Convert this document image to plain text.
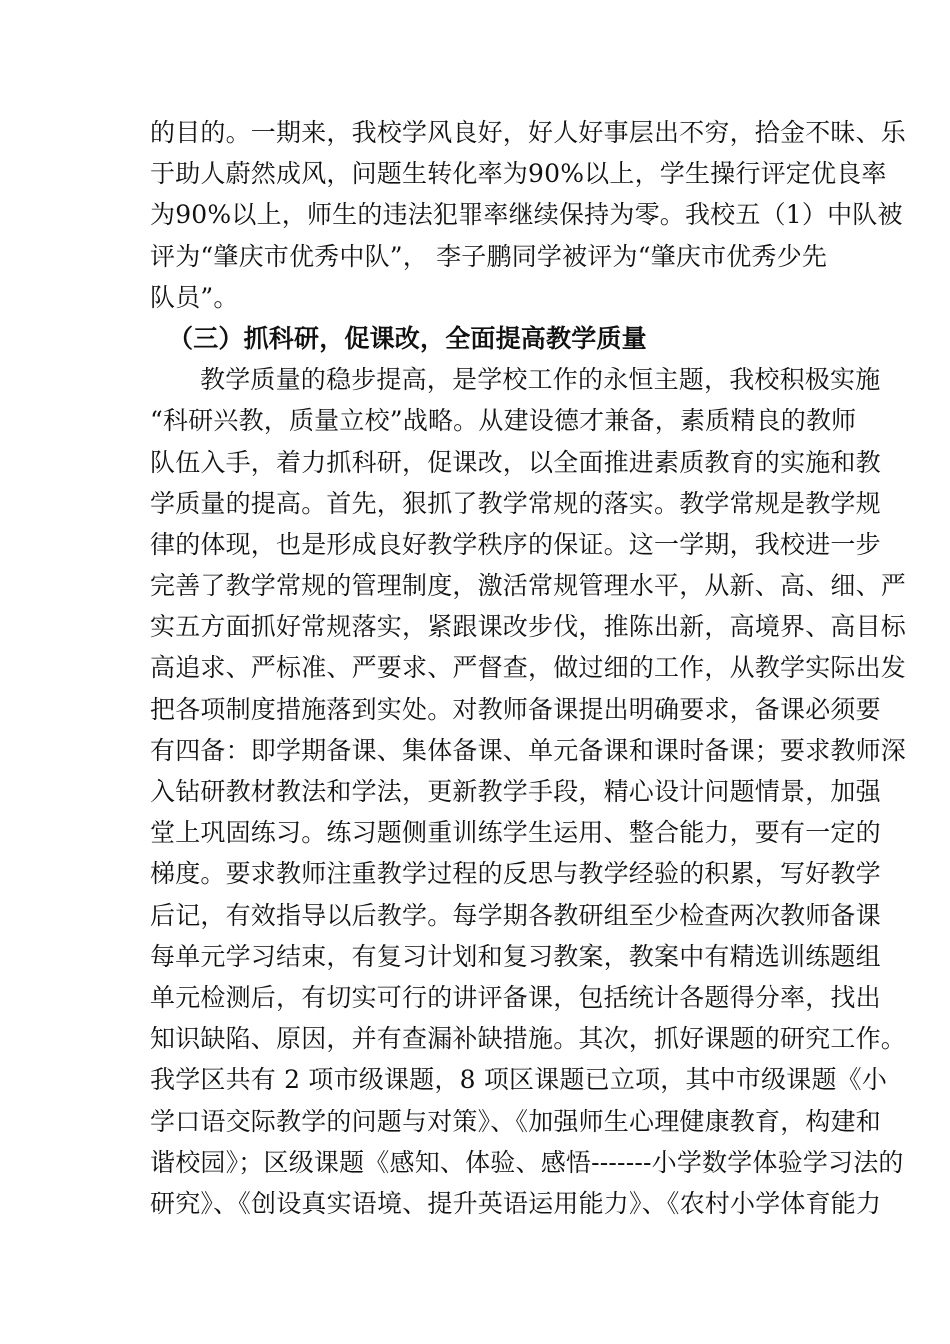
的目的。一期来，我校学风良好，好人好事层出不穷，拾金不昧、乐
于助人蔚然成风，问题生转化率为90%以上，学生操行评定优良率
为90%以上，师生的违法犯罪率继续保持为零。我校五（1）中队被
评为“肇庆市优秀中队”， 李子鹏同学被评为“肇庆市优秀少先
队员”。
（三）抓科研，促课改，全面提高教学质量
教学质量的稳步提高，是学校工作的永恒主题，我校积极实施
“科研兴教，质量立校”战略。从建设德才兼备，素质精良的教师
队伍入手，着力抓科研，促课改，以全面推进素质教育的实施和教
学质量的提高。首先，狠抓了教学常规的落实。教学常规是教学规
律的体现，也是形成良好教学秩序的保证。这一学期，我校进一步
完善了教学常规的管理制度，激活常规管理水平，从新、高、细、严
实五方面抓好常规落实，紧跟课改步伐，推陈出新，高境界、高目标
高追求、严标准、严要求、严督查，做过细的工作，从教学实际出发
把各项制度措施落到实处。对教师备课提出明确要求，备课必须要
有四备：即学期备课、集体备课、单元备课和课时备课；要求教师深
入钻研教材教法和学法，更新教学手段，精心设计问题情景，加强
堂上巩固练习。练习题侧重训练学生运用、整合能力，要有一定的
梯度。要求教师注重教学过程的反思与教学经验的积累，写好教学
后记，有效指导以后教学。每学期各教研组至少检查两次教师备课
每单元学习结束，有复习计划和复习教案，教案中有精选训练题组
单元检测后，有切实可行的讲评备课，包括统计各题得分率，找出
知识缺陷、原因，并有查漏补缺措施。其次，抓好课题的研究工作。
我学区共有 2 项市级课题，8 项区课题已立项，其中市级课题《小
学口语交际教学的问题与对策》、《加强师生心理健康教育，构建和
谐校园》；区级课题《感知、体验、感悟-------小学数学体验学习法的
研究》、《创设真实语境、提升英语运用能力》、《农村小学体育能力
